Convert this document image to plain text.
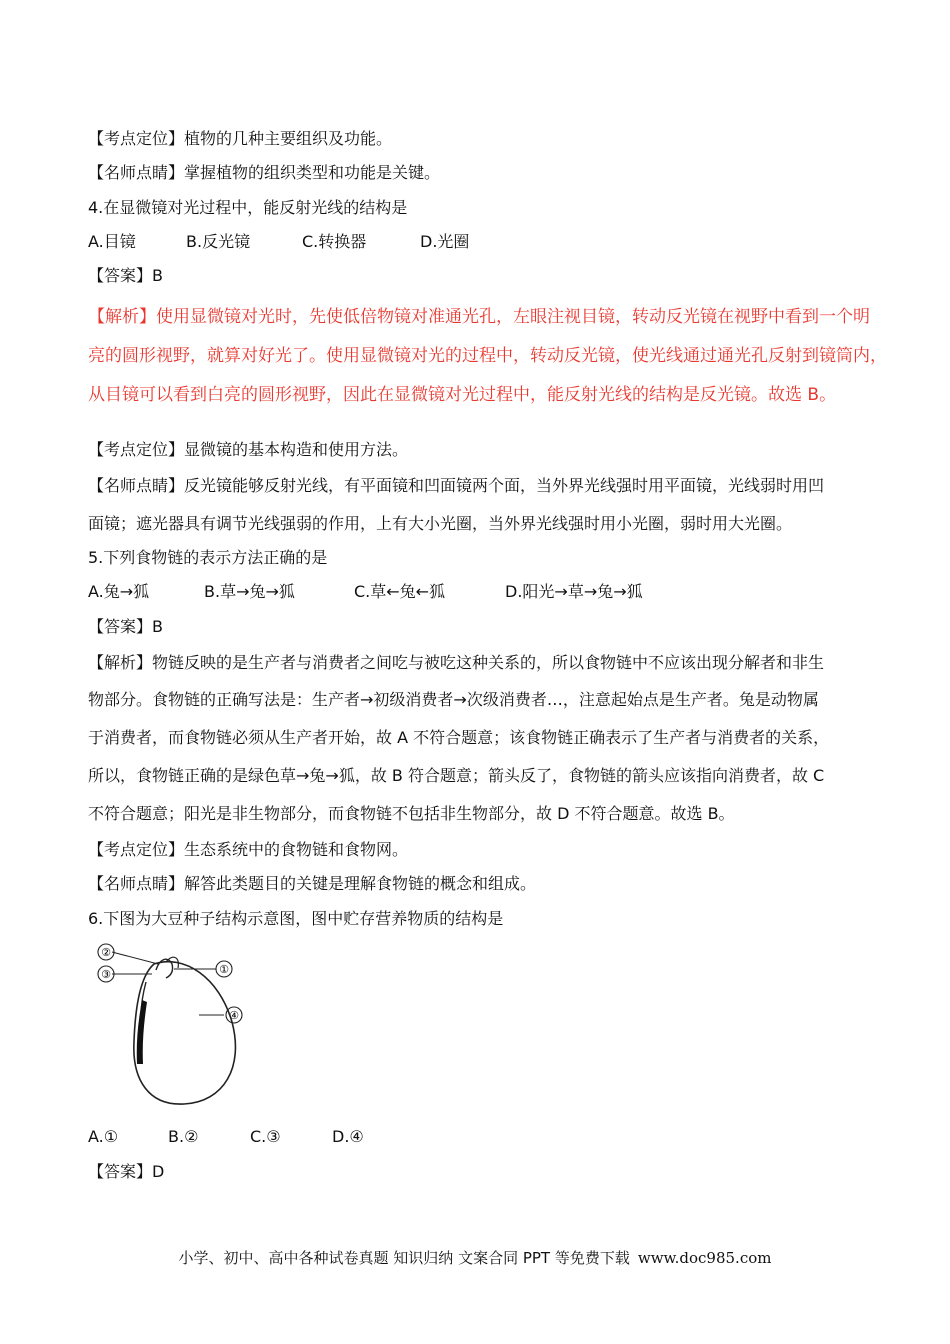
【考点定位】植物的几种主要组织及功能。
【名师点睛】掌握植物的组织类型和功能是关键。
4.在显微镜对光过程中，能反射光线的结构是
A.目镜	B.反光镜	C.转换器	D.光圈
【答案】B
【解析】使用显微镜对光时，先使低倍物镜对准通光孔，左眼注视目镜，转动反光镜在视野中看到一个明
亮的圆形视野，就算对好光了。使用显微镜对光的过程中，转动反光镜，使光线通过通光孔反射到镜筒内，
从目镜可以看到白亮的圆形视野，因此在显微镜对光过程中，能反射光线的结构是反光镜。故选 B。
【考点定位】显微镜的基本构造和使用方法。
【名师点睛】反光镜能够反射光线，有平面镜和凹面镜两个面，当外界光线强时用平面镜，光线弱时用凹
面镜；遮光器具有调节光线强弱的作用，上有大小光圈，当外界光线强时用小光圈，弱时用大光圈。
5.下列食物链的表示方法正确的是
A.兔→狐	B.草→兔→狐	C.草←兔←狐	D.阳光→草→兔→狐
【答案】B
【解析】物链反映的是生产者与消费者之间吃与被吃这种关系的，所以食物链中不应该出现分解者和非生
物部分。食物链的正确写法是：生产者→初级消费者→次级消费者…，注意起始点是生产者。兔是动物属
于消费者，而食物链必须从生产者开始，故 A 不符合题意；该食物链正确表示了生产者与消费者的关系，
所以，食物链正确的是绿色草→兔→狐，故 B 符合题意；箭头反了，食物链的箭头应该指向消费者，故 C
不符合题意；阳光是非生物部分，而食物链不包括非生物部分，故 D 不符合题意。故选 B。
【考点定位】生态系统中的食物链和食物网。
【名师点睛】解答此类题目的关键是理解食物链的概念和组成。
6.下图为大豆种子结构示意图，图中贮存营养物质的结构是
②
③	①
④
A.①	B.②	C.③	D.④
【答案】D
小学、初中、高中各种试卷真题 知识归纳 文案合同 PPT 等免费下载 www.doc985.com
